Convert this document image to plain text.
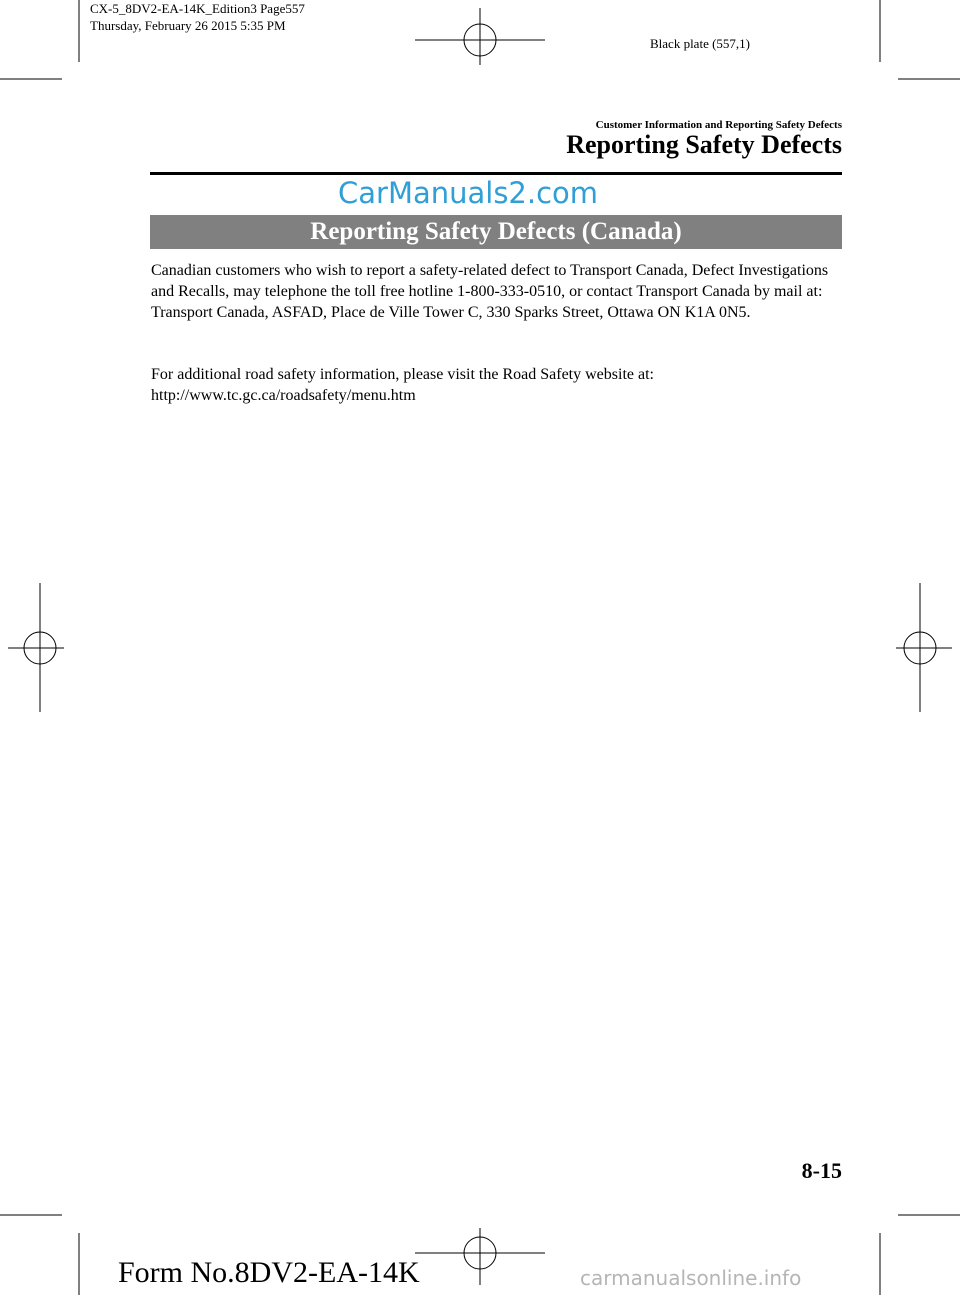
CX-5_8DV2-EA-14K_Edition3 Page557
Thursday, February 26 2015 5:35 PM
Black plate (557,1)
Customer Information and Reporting Safety Defects
Reporting Safety Defects
CarManuals2.com
Reporting Safety Defects (Canada)
Canadian customers who wish to report a safety-related defect to Transport Canada, Defect Investigations and Recalls, may telephone the toll free hotline 1-800-333-0510, or contact Transport Canada by mail at: Transport Canada, ASFAD, Place de Ville Tower C, 330 Sparks Street, Ottawa ON K1A 0N5.
For additional road safety information, please visit the Road Safety website at:
http://www.tc.gc.ca/roadsafety/menu.htm
8-15
Form No.8DV2-EA-14K	carmanualsonline.info
